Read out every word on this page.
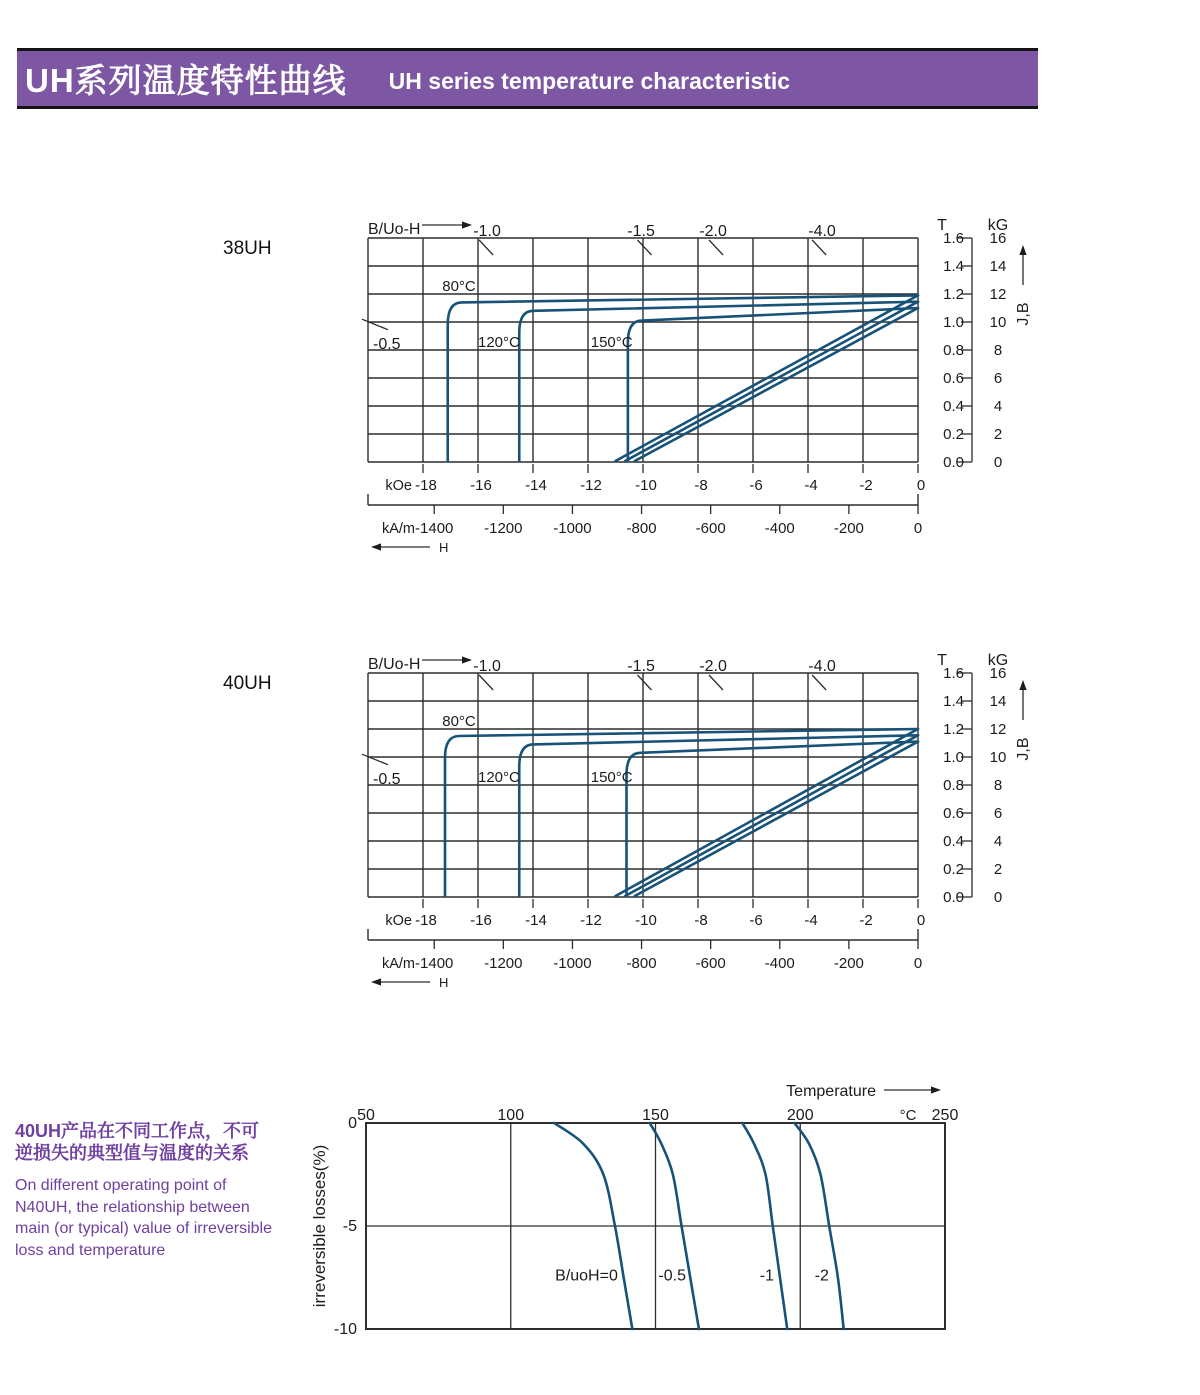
UH系列温度特性曲线 UH series temperature characteristic
38UH
B/Uo-H	-1.0	-1.5	-2.0	-4.0
-0.5
80°C
120°C	150°C
-18 -16 -14 -12 -10 -8	-6	-4	-2	0
kOe
-1400 -1200 -1000 -800	-600	-400	-200	0
kA/m
H
T	kG
1.6 16
1.4 14
1.2 12
1.0 10
0.8 8
0.6 6
0.4 4
0.2 2
0.0 0
J,B
40UH
B/Uo-H	-1.0	-1.5	-2.0	-4.0
-0.5
80°C
120°C	150°C
-18 -16 -14 -12 -10 -8	-6	-4	-2	0
kOe
-1400 -1200 -1000 -800	-600	-400	-200	0
kA/m
H
T	kG
1.6 16
1.4 14
1.2 12
1.0 10
0.8 8
0.6 6
0.4 4
0.2 2
0.0 0
J,B
Temperature
50	100	150	200	250
°C
0
-5
-10
irreversible losses(%)	B/uoH=0	-0.5	-1	-2
40UH产品在不同工作点，不可
逆损失的典型值与温度的关系
On different operating point of
N40UH, the relationship between
main (or typical) value of irreversible
loss and temperature
